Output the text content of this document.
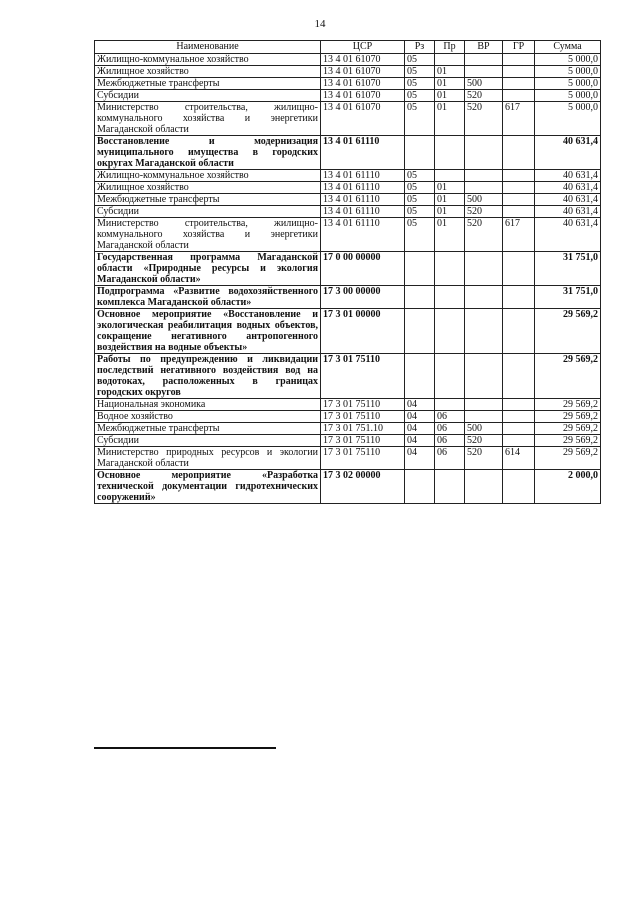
14
Наименование	ЦСР	Рз	Пр	ВР	ГР	Сумма
Жилищно-коммунальное хозяйство	13 4 01 61070	05				5 000,0
Жилищное хозяйство	13 4 01 61070	05	01			5 000,0
Межбюджетные трансферты	13 4 01 61070	05	01	500		5 000,0
Субсидии	13 4 01 61070	05	01	520		5 000,0
Министерство строительства, жилищно-коммунального хозяйства и энергетики Магаданской области	13 4 01 61070	05	01	520	617	5 000,0
Восстановление и модернизация муниципального имущества в городских округах Магаданской области	13 4 01 61110					40 631,4
Жилищно-коммунальное хозяйство	13 4 01 61110	05				40 631,4
Жилищное хозяйство	13 4 01 61110	05	01			40 631,4
Межбюджетные трансферты	13 4 01 61110	05	01	500		40 631,4
Субсидии	13 4 01 61110	05	01	520		40 631,4
Министерство строительства, жилищно-коммунального хозяйства и энергетики Магаданской области	13 4 01 61110	05	01	520	617	40 631,4
Государственная программа Магаданской области «Природные ресурсы и экология Магаданской области»	17 0 00 00000					31 751,0
Подпрограмма «Развитие водохозяйственного комплекса Магаданской области»	17 3 00 00000					31 751,0
Основное мероприятие «Восстановление и экологическая реабилитация водных объектов, сокращение негативного антропогенного воздействия на водные объекты»	17 3 01 00000					29 569,2
Работы по предупреждению и ликвидации последствий негативного воздействия вод на водотоках, расположенных в границах городских округов	17 3 01 75110					29 569,2
Национальная экономика	17 3 01 75110	04				29 569,2
Водное хозяйство	17 3 01 75110	04	06			29 569,2
Межбюджетные трансферты	17 3 01 751.10	04	06	500		29 569,2
Субсидии	17 3 01 75110	04	06	520		29 569,2
Министерство природных ресурсов и экологии Магаданской области	17 3 01 75110	04	06	520	614	29 569,2
Основное мероприятие «Разработка технической документации гидротехнических сооружений»	17 3 02 00000					2 000,0
